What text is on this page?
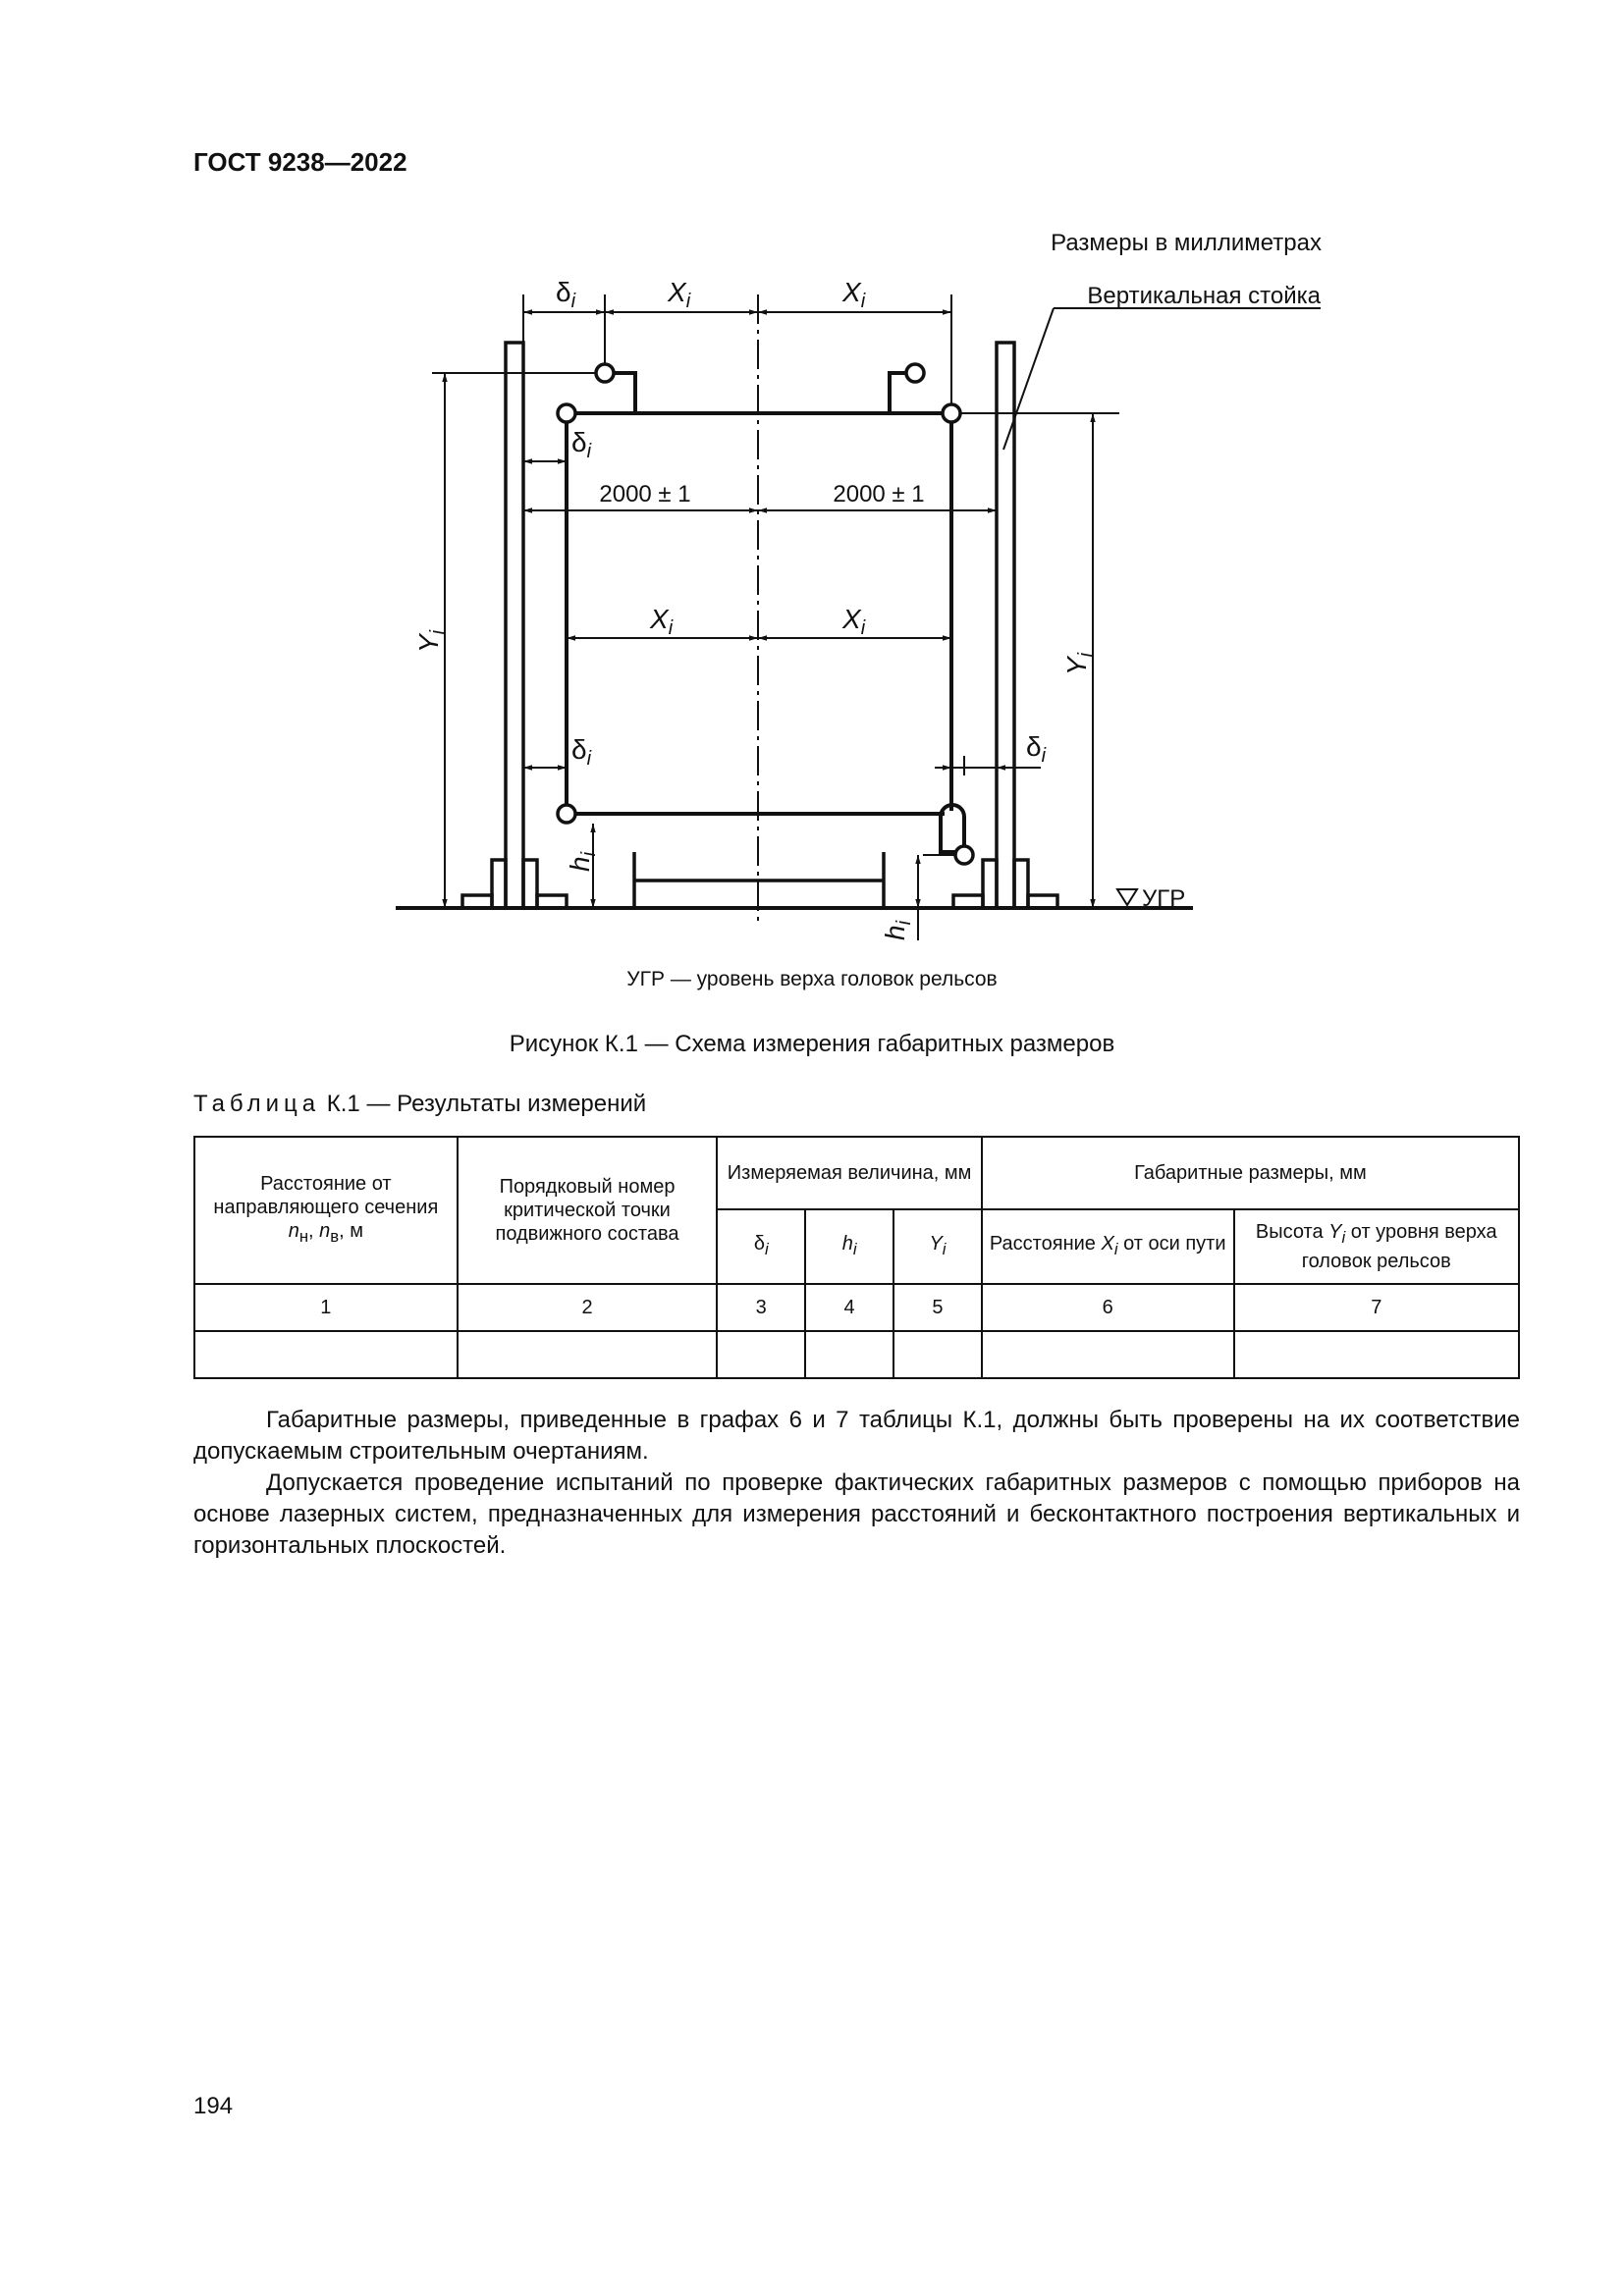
ГОСТ 9238—2022
Размеры в миллиметрах
Вертикальная стойка
2000 ± 1	2000 ± 1
УГР
$\delta_i$
$\delta_i$
$\delta_i$	$\delta_i$
$X_i$	$X_i$
$X_i$	$X_i$
$Y_i$
$Y_i$
$h_i$
$h_i$
УГР — уровень верха головок рельсов
Рисунок К.1 — Схема измерения габаритных размеров
Таблица К.1 — Результаты измерений
Расстояние от направляющего сечения $n_н$, $n_в$, м	Порядковый номер критической точки подвижного состава	Измеряемая величина, мм			Габаритные размеры, мм	
		$\delta_i$	$h_i$	$Y_i$	Расстояние $X_i$ от оси пути	Высота $Y_i$ от уровня верха головок рельсов
1	2	3	4	5	6	7

Габаритные размеры, приведенные в графах 6 и 7 таблицы К.1, должны быть проверены на их соответствие допускаемым строительным очертаниям.
Допускается проведение испытаний по проверке фактических габаритных размеров с помощью приборов на основе лазерных систем, предназначенных для измерения расстояний и бесконтактного построения вертикальных и горизонтальных плоскостей.
194
